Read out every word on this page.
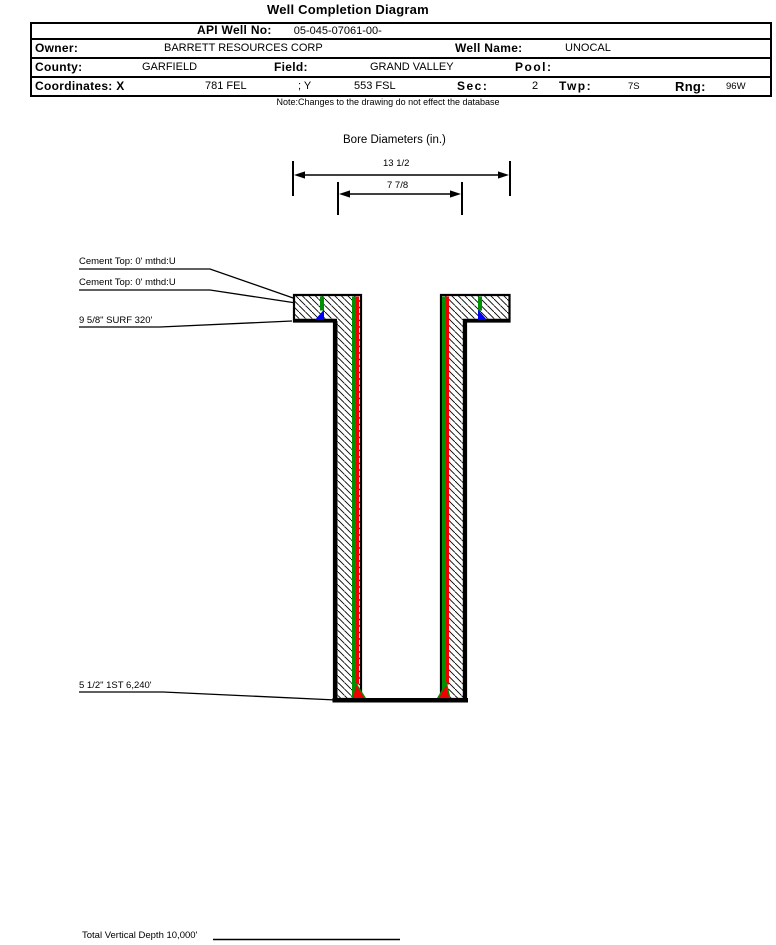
Well Completion Diagram
API Well No: 05-045-07061-00-
Owner:	BARRETT RESOURCES CORP	Well Name:	UNOCAL
County:	GARFIELD	Field:	GRAND VALLEY	Pool:
Coordinates: X	781 FEL	; Y	553 FSL	Sec:	2 Twp:	7S	Rng: 96W
Note:Changes to the drawing do not effect the database
Bore Diameters (in.)
13 1/2
7 7/8
Cement Top: 0' mthd:U
Cement Top: 0' mthd:U
9 5/8" SURF 320'
5 1/2" 1ST 6,240'
Total Vertical Depth 10,000'
